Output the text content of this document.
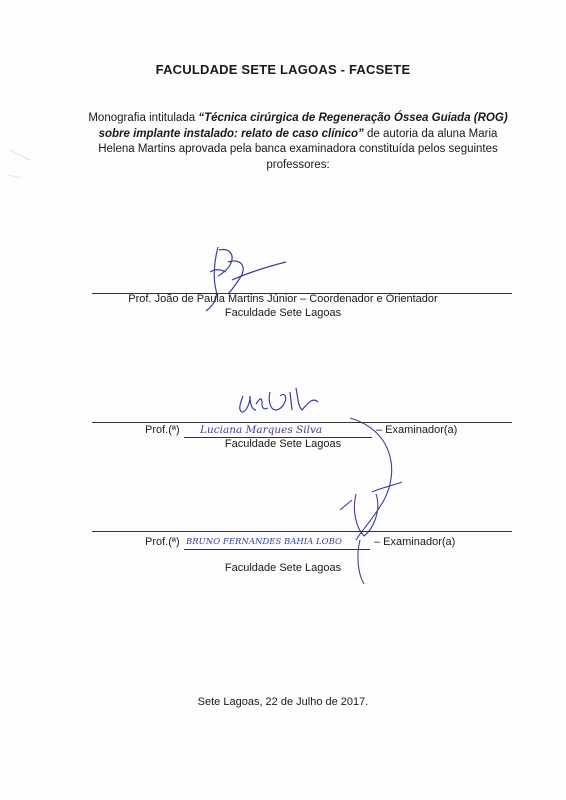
FACULDADE SETE LAGOAS - FACSETE
Monografia intitulada “Técnica cirúrgica de Regeneração Óssea Guiada (ROG) sobre implante instalado: relato de caso clínico” de autoria da aluna Maria Helena Martins aprovada pela banca examinadora constituída pelos seguintes professores:
Prof. João de Paula Martins Júnior – Coordenador e Orientador
Faculdade Sete Lagoas
Prof.(ª) Luciana Marques Silva	– Examinador(a)
Faculdade Sete Lagoas
Prof.(ª) BRUNO FERNANDES BAHIA LOBO	– Examinador(a)
Faculdade Sete Lagoas
Sete Lagoas, 22 de Julho de 2017.
